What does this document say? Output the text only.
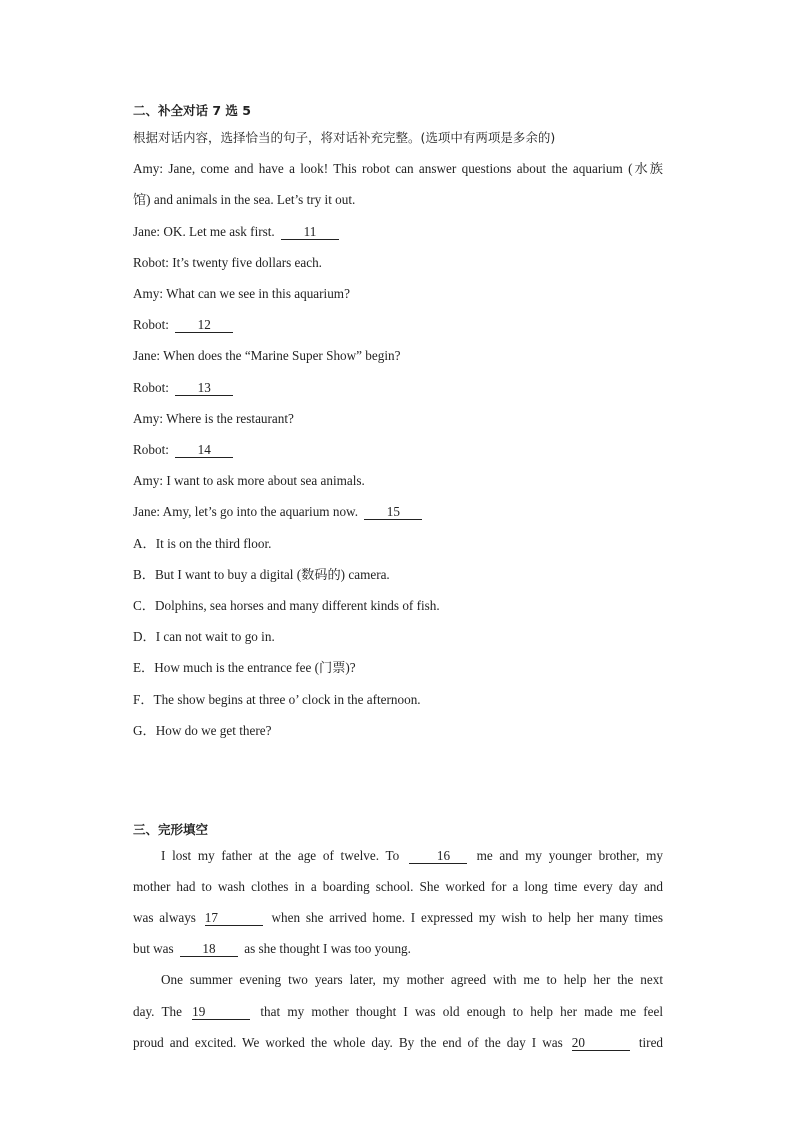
二、补全对话 7 选 5
根据对话内容，选择恰当的句子，将对话补充完整。(选项中有两项是多余的)
Amy: Jane, come and have a look! This robot can answer questions about the aquarium (水族
馆) and animals in the sea. Let’s try it out.
Jane: OK. Let me ask first. 11
Robot: It’s twenty five dollars each.
Amy: What can we see in this aquarium?
Robot: 12
Jane: When does the “Marine Super Show” begin?
Robot: 13
Amy: Where is the restaurant?
Robot: 14
Amy: I want to ask more about sea animals.
Jane: Amy, let’s go into the aquarium now. 15
A．It is on the third floor.
B．But I want to buy a digital (数码的) camera.
C．Dolphins, sea horses and many different kinds of fish.
D．I can not wait to go in.
E．How much is the entrance fee (门票)?
F．The show begins at three o’ clock in the afternoon.
G．How do we get there?
三、完形填空
I lost my father at the age of twelve. To	16 me and my younger brother, my
mother had to wash clothes in a boarding school. She worked for a long time every day and
was always 17	when she arrived home. I expressed my wish to help her many times
but was 18 as she thought I was too young.
One summer evening two years later, my mother agreed with me to help her the next
day. The 19	that my mother thought I was old enough to help her made me feel
proud and excited. We worked the whole day. By the end of the day I was 20	tired
